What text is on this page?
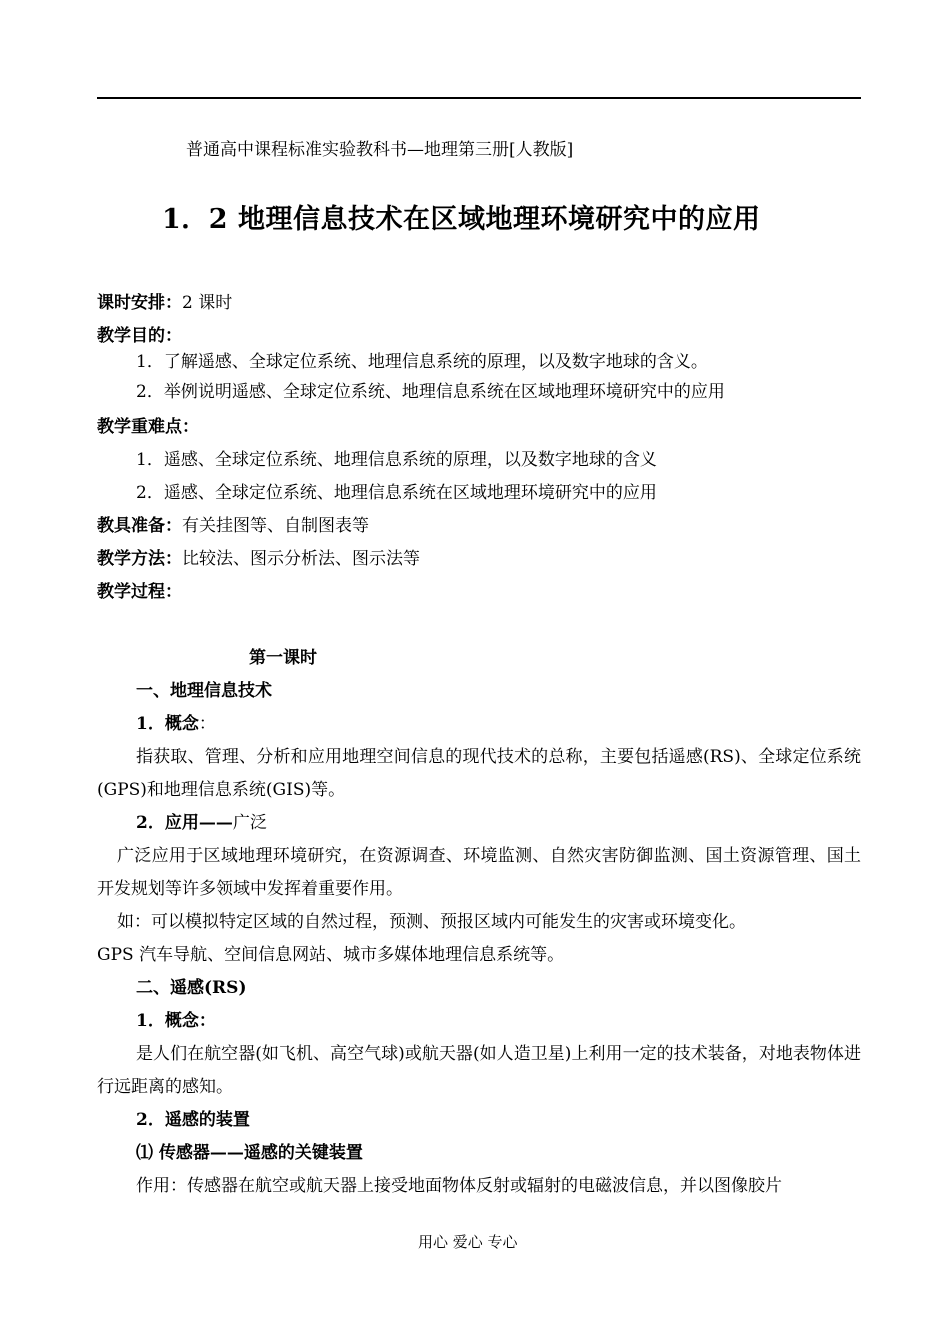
普通高中课程标准实验教科书—地理第三册[人教版]
1．2 地理信息技术在区域地理环境研究中的应用
课时安排：2 课时
教学目的：
1．了解遥感、全球定位系统、地理信息系统的原理，以及数字地球的含义。
2．举例说明遥感、全球定位系统、地理信息系统在区域地理环境研究中的应用
教学重难点：
1．遥感、全球定位系统、地理信息系统的原理，以及数字地球的含义
2．遥感、全球定位系统、地理信息系统在区域地理环境研究中的应用
教具准备：有关挂图等、自制图表等
教学方法：比较法、图示分析法、图示法等
教学过程：
第一课时
一、地理信息技术
1．概念：
指获取、管理、分析和应用地理空间信息的现代技术的总称，主要包括遥感(RS)、全球定位系统(GPS)和地理信息系统(GIS)等。
2．应用——广泛
广泛应用于区域地理环境研究，在资源调查、环境监测、自然灾害防御监测、国土资源管理、国土开发规划等许多领域中发挥着重要作用。
如：可以模拟特定区域的自然过程，预测、预报区域内可能发生的灾害或环境变化。
GPS 汽车导航、空间信息网站、城市多媒体地理信息系统等。
二、遥感(RS)
1．概念：
是人们在航空器(如飞机、高空气球)或航天器(如人造卫星)上利用一定的技术装备，对地表物体进行远距离的感知。
2．遥感的装置
⑴ 传感器——遥感的关键装置
作用：传感器在航空或航天器上接受地面物体反射或辐射的电磁波信息，并以图像胶片
用心 爱心 专心
